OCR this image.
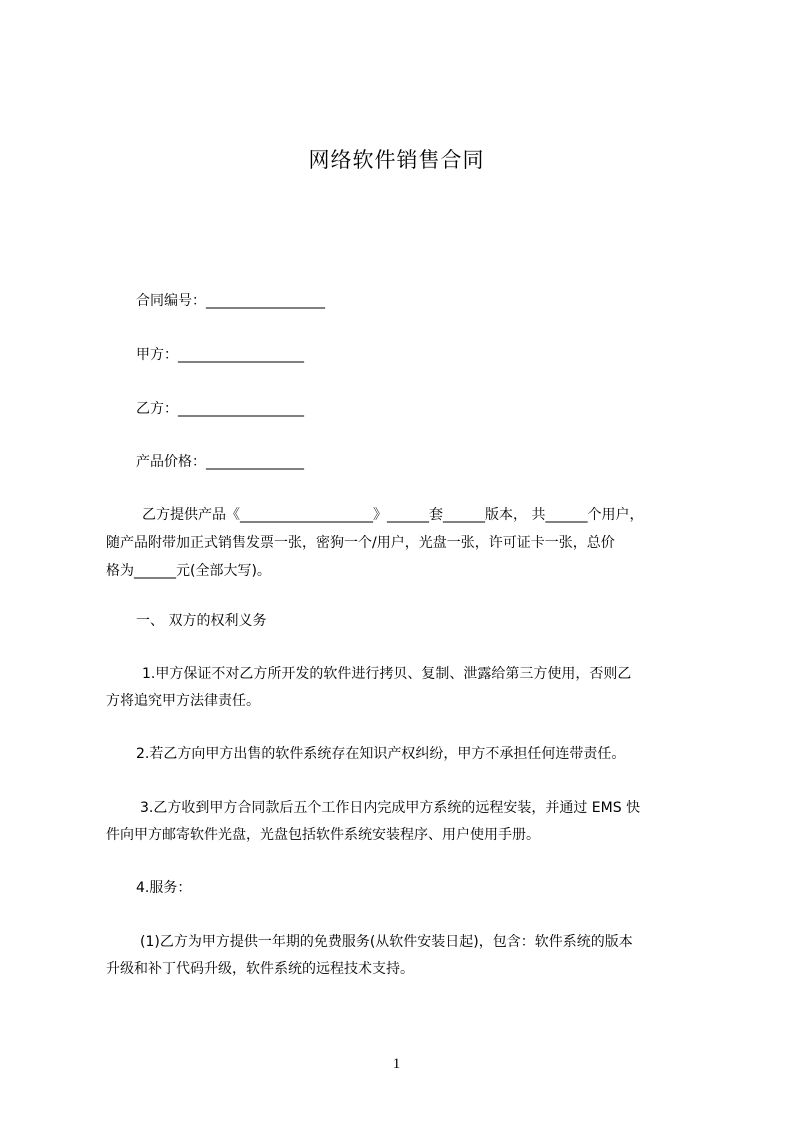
网络软件销售合同
合同编号：_________________
甲方：__________________
乙方：__________________
产品价格：______________
乙方提供产品《___________________》______套______版本， 共______个用户，
随产品附带加正式销售发票一张，密狗一个/用户，光盘一张，许可证卡一张，总价
格为______元(全部大写)。
一、 双方的权利义务
1.甲方保证不对乙方所开发的软件进行拷贝、复制、泄露给第三方使用，否则乙
方将追究甲方法律责任。
2.若乙方向甲方出售的软件系统存在知识产权纠纷，甲方不承担任何连带责任。
3.乙方收到甲方合同款后五个工作日内完成甲方系统的远程安装，并通过 EMS 快
件向甲方邮寄软件光盘，光盘包括软件系统安装程序、用户使用手册。
4.服务：
(1)乙方为甲方提供一年期的免费服务(从软件安装日起)，包含：软件系统的版本
升级和补丁代码升级，软件系统的远程技术支持。
1
